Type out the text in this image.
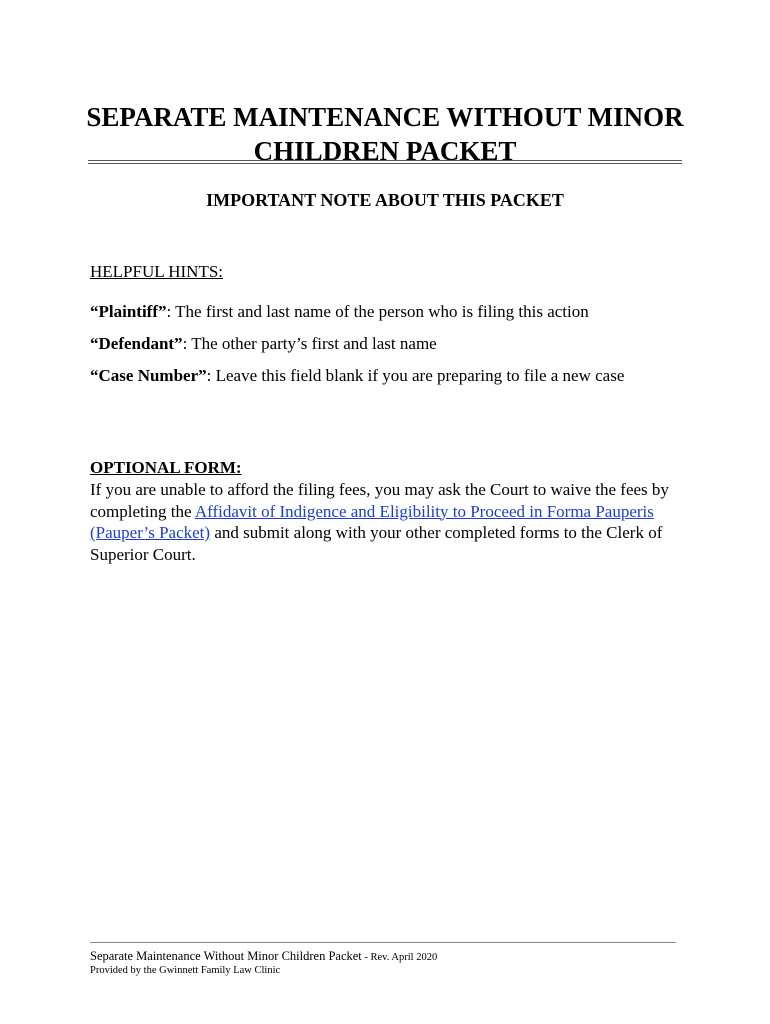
SEPARATE MAINTENANCE WITHOUT MINOR
CHILDREN PACKET
IMPORTANT NOTE ABOUT THIS PACKET

HELPFUL HINTS:

“Plaintiff”: The first and last name of the person who is filing this action

“Defendant”: The other party’s first and last name

“Case Number”: Leave this field blank if you are preparing to file a new case

OPTIONAL FORM:

If you are unable to afford the filing fees, you may ask the Court to waive the fees by completing the Affidavit of Indigence and Eligibility to Proceed in Forma Pauperis (Pauper’s Packet) and submit along with your other completed forms to the Clerk of Superior Court.

Separate Maintenance Without Minor Children Packet - Rev. April 2020

Provided by the Gwinnett Family Law Clinic
